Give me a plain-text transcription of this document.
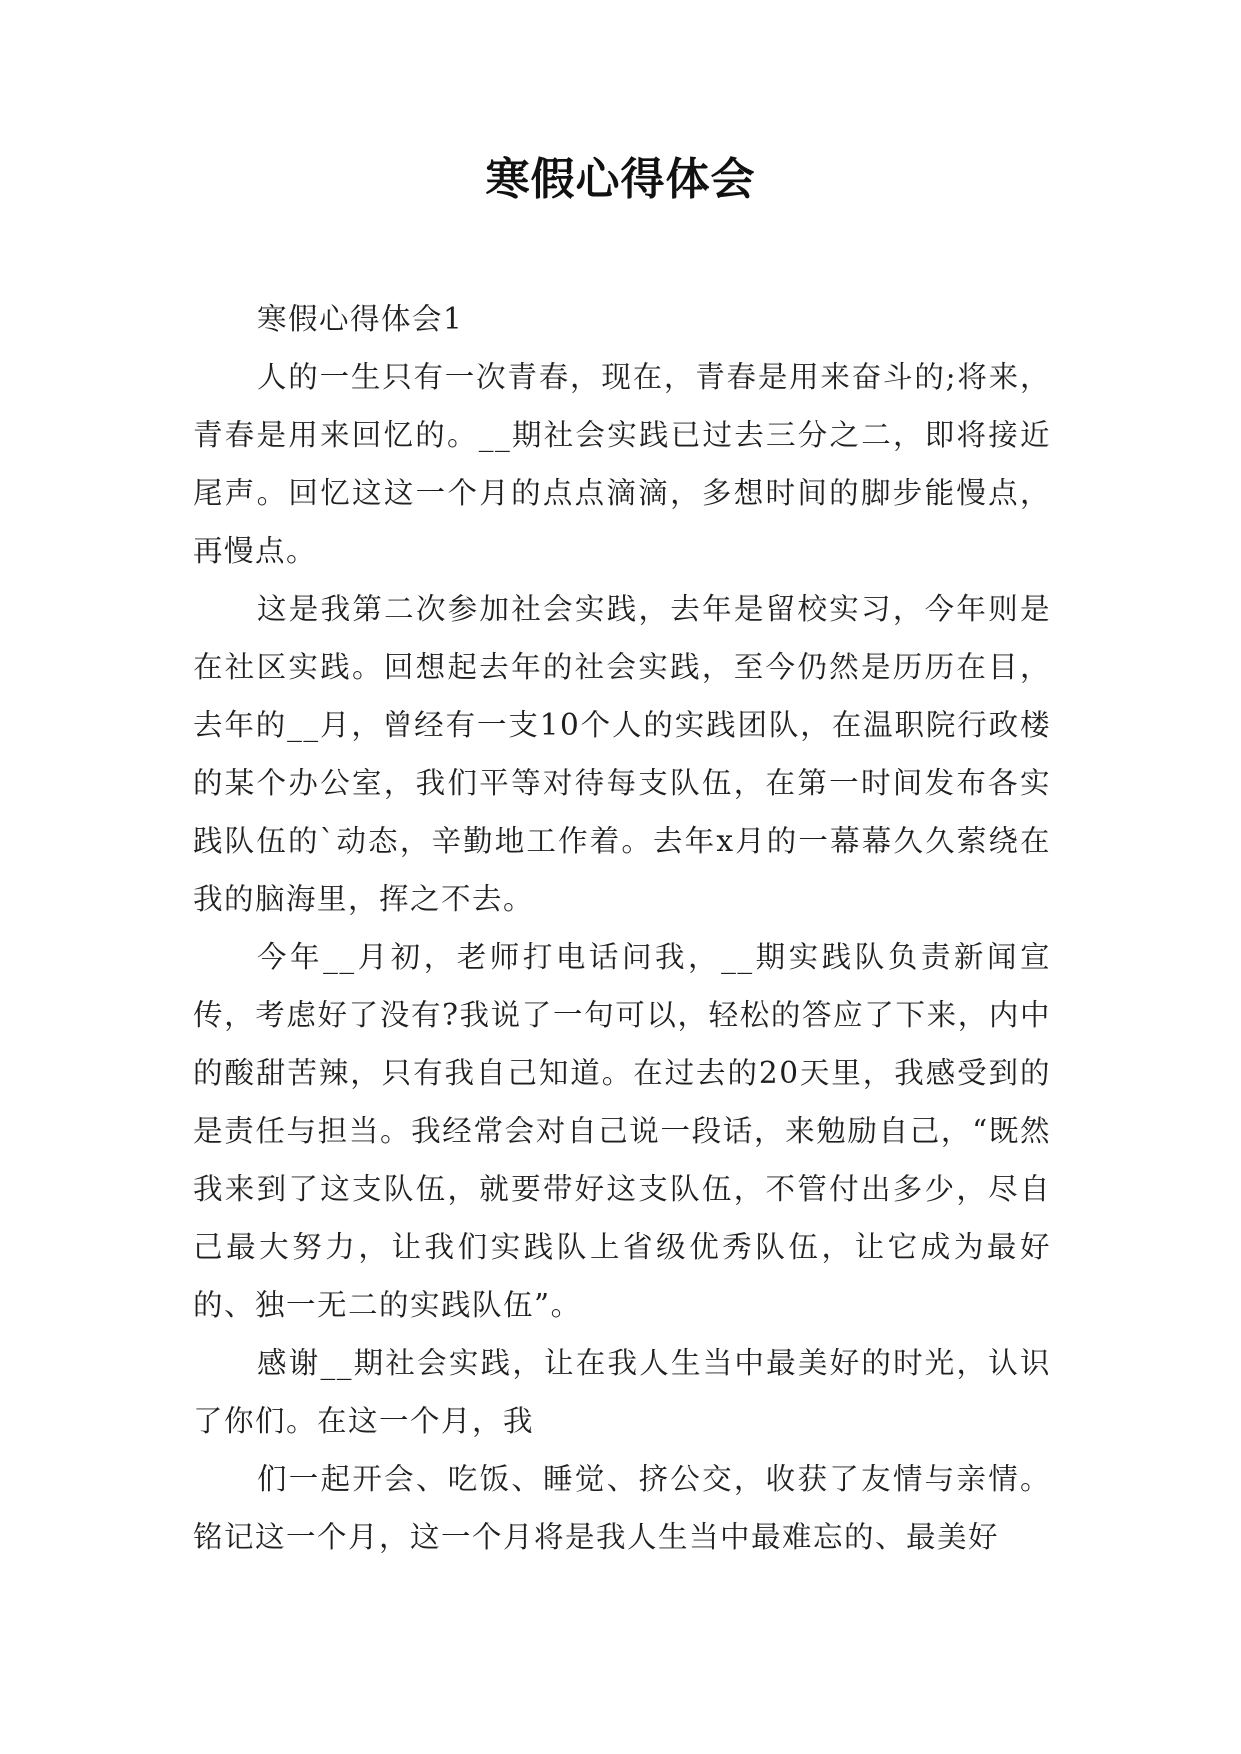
寒假心得体会

寒假心得体会1

人的一生只有一次青春，现在，青春是用来奋斗的;将来，青春是用来回忆的。__期社会实践已过去三分之二，即将接近尾声。回忆这这一个月的点点滴滴，多想时间的脚步能慢点，再慢点。

这是我第二次参加社会实践，去年是留校实习，今年则是在社区实践。回想起去年的社会实践，至今仍然是历历在目，去年的__月，曾经有一支10个人的实践团队，在温职院行政楼的某个办公室，我们平等对待每支队伍，在第一时间发布各实践队伍的`动态，辛勤地工作着。去年x月的一幕幕久久萦绕在我的脑海里，挥之不去。

今年__月初，老师打电话问我，__期实践队负责新闻宣传，考虑好了没有?我说了一句可以，轻松的答应了下来，内中的酸甜苦辣，只有我自己知道。在过去的20天里，我感受到的是责任与担当。我经常会对自己说一段话，来勉励自己，“既然我来到了这支队伍，就要带好这支队伍，不管付出多少，尽自己最大努力，让我们实践队上省级优秀队伍，让它成为最好的、独一无二的实践队伍”。

感谢__期社会实践，让在我人生当中最美好的时光，认识了你们。在这一个月，我

们一起开会、吃饭、睡觉、挤公交，收获了友情与亲情。铭记这一个月，这一个月将是我人生当中最难忘的、最美好
